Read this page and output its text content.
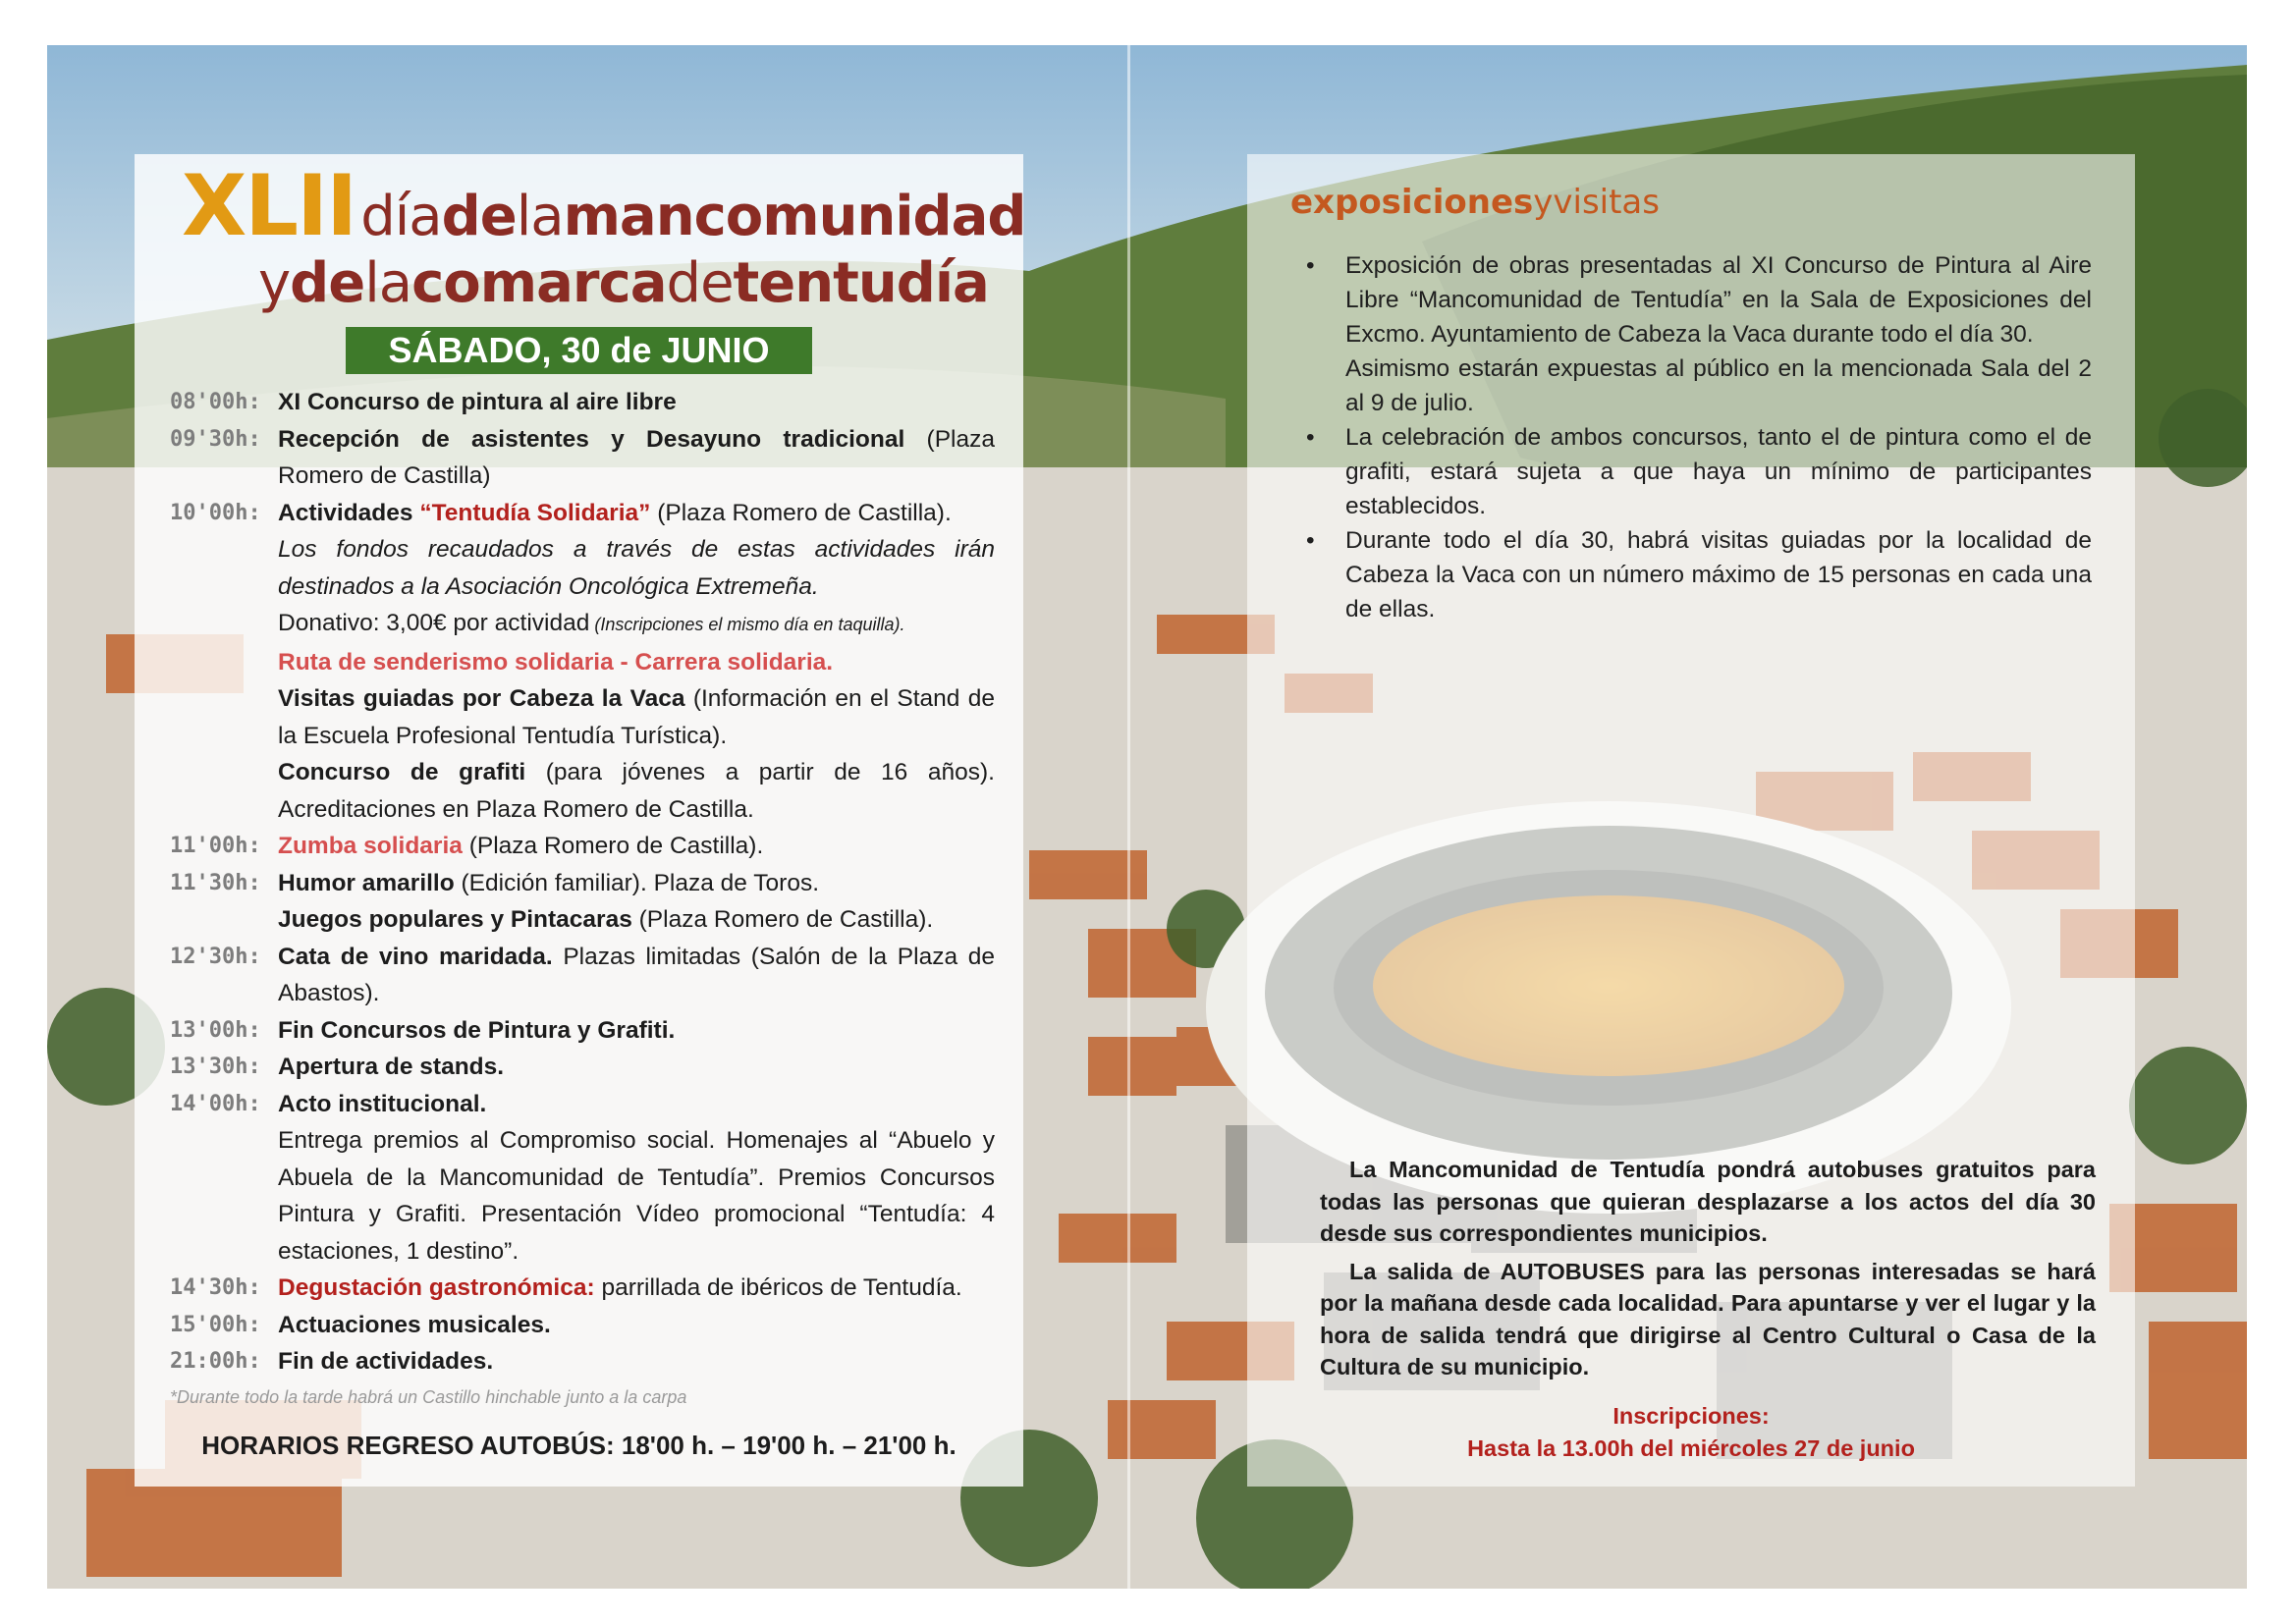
XLII díadelamancomunidad
ydelacomarcadetentudía
SÁBADO, 30 de JUNIO
08'00h: XI Concurso de pintura al aire libre
09'30h: Recepción de asistentes y Desayuno tradicional (Plaza Romero de Castilla)
10'00h: Actividades “Tentudía Solidaria” (Plaza Romero de Castilla).
Los fondos recaudados a través de estas actividades irán destinados a la Asociación Oncológica Extremeña.
Donativo: 3,00€ por actividad (Inscripciones el mismo día en taquilla).
Ruta de senderismo solidaria - Carrera solidaria.
Visitas guiadas por Cabeza la Vaca (Información en el Stand de la Escuela Profesional Tentudía Turística).
Concurso de grafiti (para jóvenes a partir de 16 años). Acreditaciones en Plaza Romero de Castilla.
11'00h: Zumba solidaria (Plaza Romero de Castilla).
11'30h: Humor amarillo (Edición familiar). Plaza de Toros.
Juegos populares y Pintacaras (Plaza Romero de Castilla).
12'30h: Cata de vino maridada. Plazas limitadas (Salón de la Plaza de Abastos).
13'00h: Fin Concursos de Pintura y Grafiti.
13'30h: Apertura de stands.
14'00h: Acto institucional.
Entrega premios al Compromiso social. Homenajes al “Abuelo y Abuela de la Mancomunidad de Tentudía”. Premios Concursos Pintura y Grafiti. Presentación Vídeo promocional “Tentudía: 4 estaciones, 1 destino”.
14'30h: Degustación gastronómica: parrillada de ibéricos de Tentudía.
15'00h: Actuaciones musicales.
21:00h: Fin de actividades.
*Durante todo la tarde habrá un Castillo hinchable junto a la carpa
HORARIOS REGRESO AUTOBÚS: 18'00 h. – 19'00 h. – 21'00 h.
exposicionesyvisitas
• Exposición de obras presentadas al XI Concurso de Pintura al Aire Libre “Mancomunidad de Tentudía” en la Sala de Exposiciones del Excmo. Ayuntamiento de Cabeza la Vaca durante todo el día 30.
Asimismo estarán expuestas al público en la mencionada Sala del 2 al 9 de julio.
• La celebración de ambos concursos, tanto el de pintura como el de grafiti, estará sujeta a que haya un mínimo de participantes establecidos.
• Durante todo el día 30, habrá visitas guiadas por la localidad de Cabeza la Vaca con un número máximo de 15 personas en cada una de ellas.

La Mancomunidad de Tentudía pondrá autobuses gratuitos para todas las personas que quieran desplazarse a los actos del día 30 desde sus correspondientes municipios.

La salida de AUTOBUSES para las personas interesadas se hará por la mañana desde cada localidad. Para apuntarse y ver el lugar y la hora de salida tendrá que dirigirse al Centro Cultural o Casa de la Cultura de su municipio.

Inscripciones:
Hasta la 13.00h del miércoles 27 de junio
